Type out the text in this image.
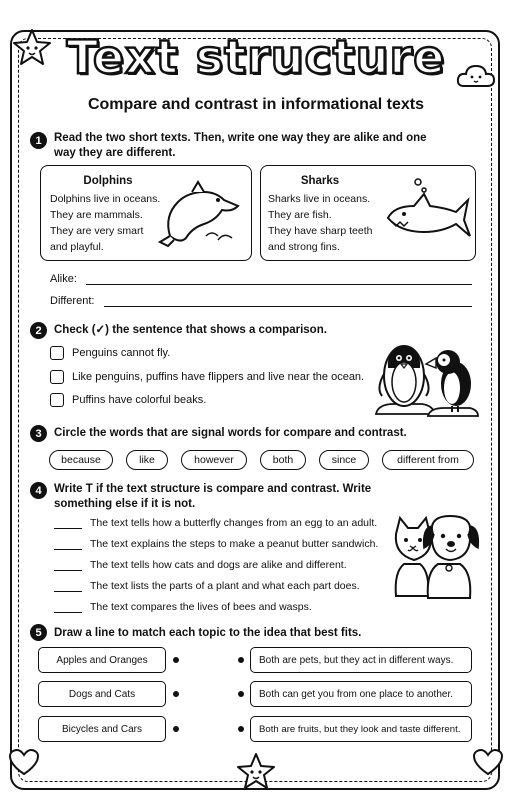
Text structure
Compare and contrast in informational texts
1	Read the two short texts. Then, write one way they are alike and one way they are different.
Dolphins
Dolphins live in oceans.
They are mammals.
They are very smart
and playful.
Sharks
Sharks live in oceans.
They are fish.
They have sharp teeth
and strong fins.
Alike:
Different:
2	Check (✓) the sentence that shows a comparison.
Penguins cannot fly.
Like penguins, puffins have flippers and live near the ocean.
Puffins have colorful beaks.
3	Circle the words that are signal words for compare and contrast.
because	like	however	both	since	different from
4	Write T if the text structure is compare and contrast. Write something else if it is not.
The text tells how a butterfly changes from an egg to an adult.
The text explains the steps to make a peanut butter sandwich.
The text tells how cats and dogs are alike and different.
The text lists the parts of a plant and what each part does.
The text compares the lives of bees and wasps.
5	Draw a line to match each topic to the idea that best fits.
Apples and Oranges
Dogs and Cats
Bicycles and Cars
Both are pets, but they act in different ways.
Both can get you from one place to another.
Both are fruits, but they look and taste different.
